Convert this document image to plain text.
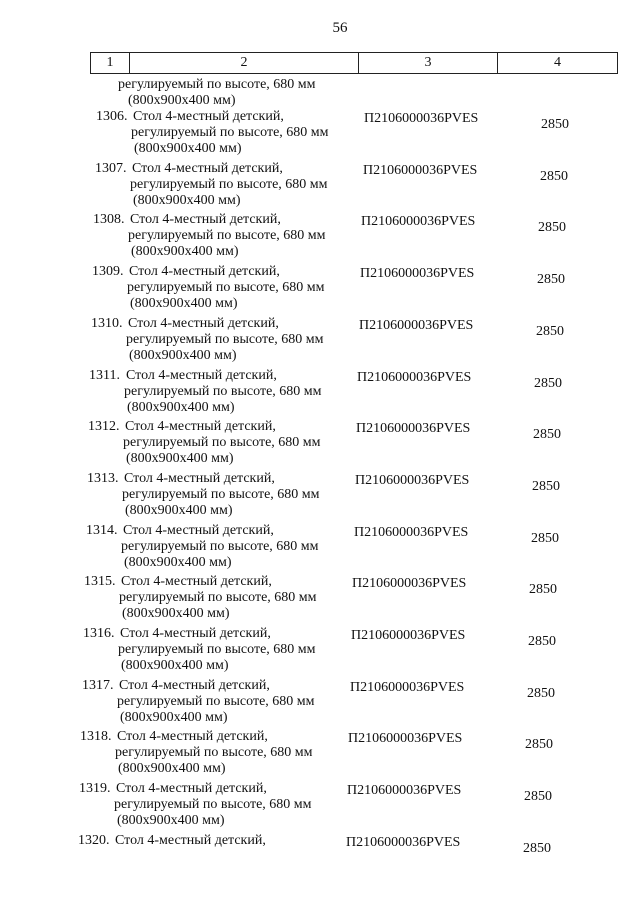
56
1	2	3	4
регулируемый по высоте, 680 мм
(800x900x400 мм)
1306. Стол 4-местный детский,
регулируемый по высоте, 680 мм
(800x900x400 мм)
П2106000036PVES	2850
1307. Стол 4-местный детский,
регулируемый по высоте, 680 мм
(800x900x400 мм)
П2106000036PVES	2850
1308. Стол 4-местный детский,
регулируемый по высоте, 680 мм
(800x900x400 мм)
П2106000036PVES	2850
1309. Стол 4-местный детский,
регулируемый по высоте, 680 мм
(800x900x400 мм)
П2106000036PVES	2850
1310. Стол 4-местный детский,
регулируемый по высоте, 680 мм
(800x900x400 мм)
П2106000036PVES	2850
1311. Стол 4-местный детский,
регулируемый по высоте, 680 мм
(800x900x400 мм)
П2106000036PVES	2850
1312. Стол 4-местный детский,
регулируемый по высоте, 680 мм
(800x900x400 мм)
П2106000036PVES	2850
1313. Стол 4-местный детский,
регулируемый по высоте, 680 мм
(800x900x400 мм)
П2106000036PVES	2850
1314. Стол 4-местный детский,
регулируемый по высоте, 680 мм
(800x900x400 мм)
П2106000036PVES	2850
1315. Стол 4-местный детский,
регулируемый по высоте, 680 мм
(800x900x400 мм)
П2106000036PVES	2850
1316. Стол 4-местный детский,
регулируемый по высоте, 680 мм
(800x900x400 мм)
П2106000036PVES	2850
1317. Стол 4-местный детский,
регулируемый по высоте, 680 мм
(800x900x400 мм)
П2106000036PVES	2850
1318. Стол 4-местный детский,
регулируемый по высоте, 680 мм
(800x900x400 мм)
П2106000036PVES	2850
1319. Стол 4-местный детский,
регулируемый по высоте, 680 мм
(800x900x400 мм)
П2106000036PVES	2850
1320. Стол 4-местный детский,	П2106000036PVES	2850
